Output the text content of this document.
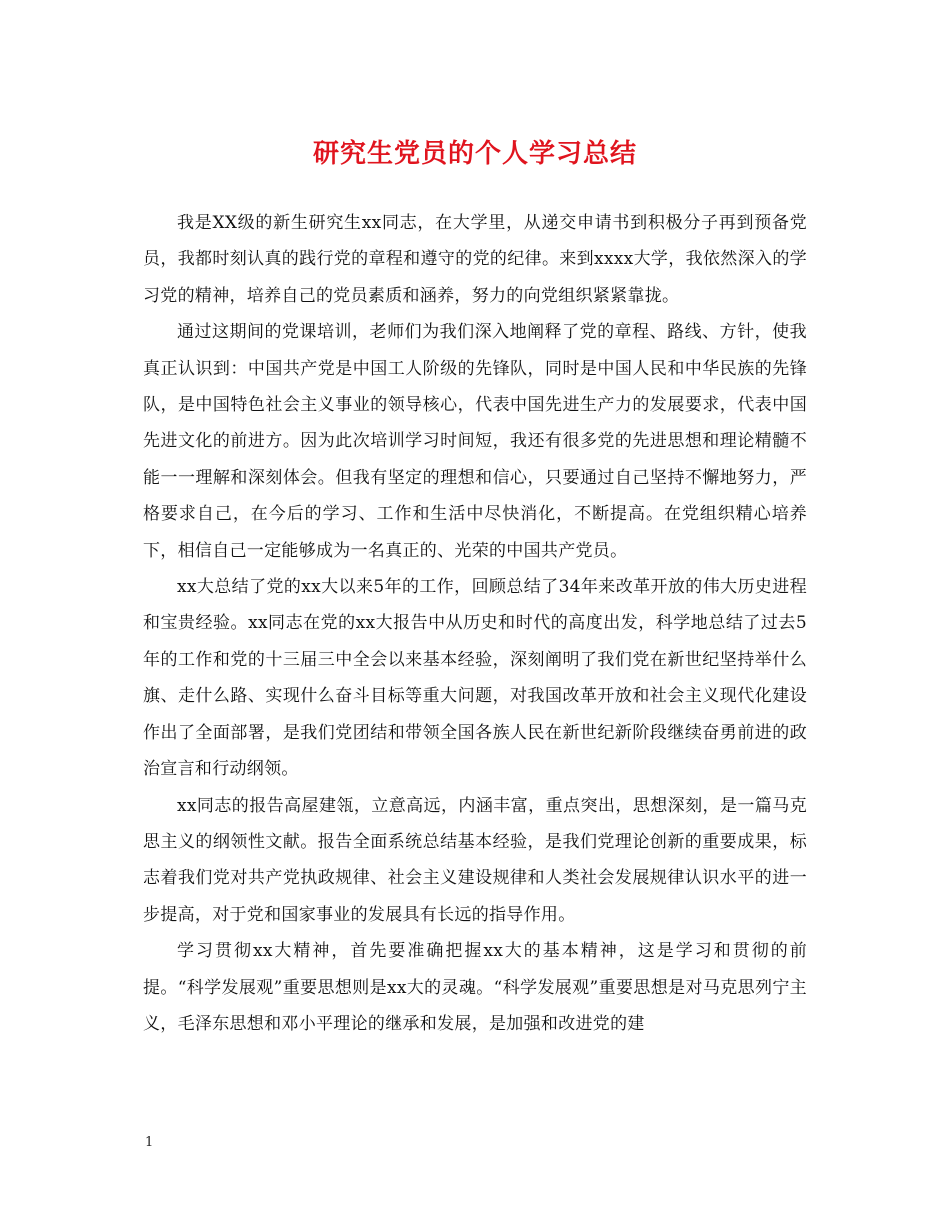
研究生党员的个人学习总结

我是XX级的新生研究生xx同志，在大学里，从递交申请书到积极分子再到预备党员，我都时刻认真的践行党的章程和遵守的党的纪律。来到xxxx大学，我依然深入的学习党的精神，培养自己的党员素质和涵养，努力的向党组织紧紧靠拢。

通过这期间的党课培训，老师们为我们深入地阐释了党的章程、路线、方针，使我真正认识到：中国共产党是中国工人阶级的先锋队，同时是中国人民和中华民族的先锋队，是中国特色社会主义事业的领导核心，代表中国先进生产力的发展要求，代表中国先进文化的前进方。因为此次培训学习时间短，我还有很多党的先进思想和理论精髓不能一一理解和深刻体会。但我有坚定的理想和信心，只要通过自己坚持不懈地努力，严格要求自己，在今后的学习、工作和生活中尽快消化，不断提高。在党组织精心培养下，相信自己一定能够成为一名真正的、光荣的中国共产党员。

xx大总结了党的xx大以来5年的工作，回顾总结了34年来改革开放的伟大历史进程和宝贵经验。xx同志在党的xx大报告中从历史和时代的高度出发，科学地总结了过去5年的工作和党的十三届三中全会以来基本经验，深刻阐明了我们党在新世纪坚持举什么旗、走什么路、实现什么奋斗目标等重大问题，对我国改革开放和社会主义现代化建设作出了全面部署，是我们党团结和带领全国各族人民在新世纪新阶段继续奋勇前进的政治宣言和行动纲领。

xx同志的报告高屋建瓴，立意高远，内涵丰富，重点突出，思想深刻，是一篇马克思主义的纲领性文献。报告全面系统总结基本经验，是我们党理论创新的重要成果，标志着我们党对共产党执政规律、社会主义建设规律和人类社会发展规律认识水平的进一步提高，对于党和国家事业的发展具有长远的指导作用。

学习贯彻xx大精神，首先要准确把握xx大的基本精神，这是学习和贯彻的前提。“科学发展观”重要思想则是xx大的灵魂。“科学发展观”重要思想是对马克思列宁主义，毛泽东思想和邓小平理论的继承和发展，是加强和改进党的建

1
